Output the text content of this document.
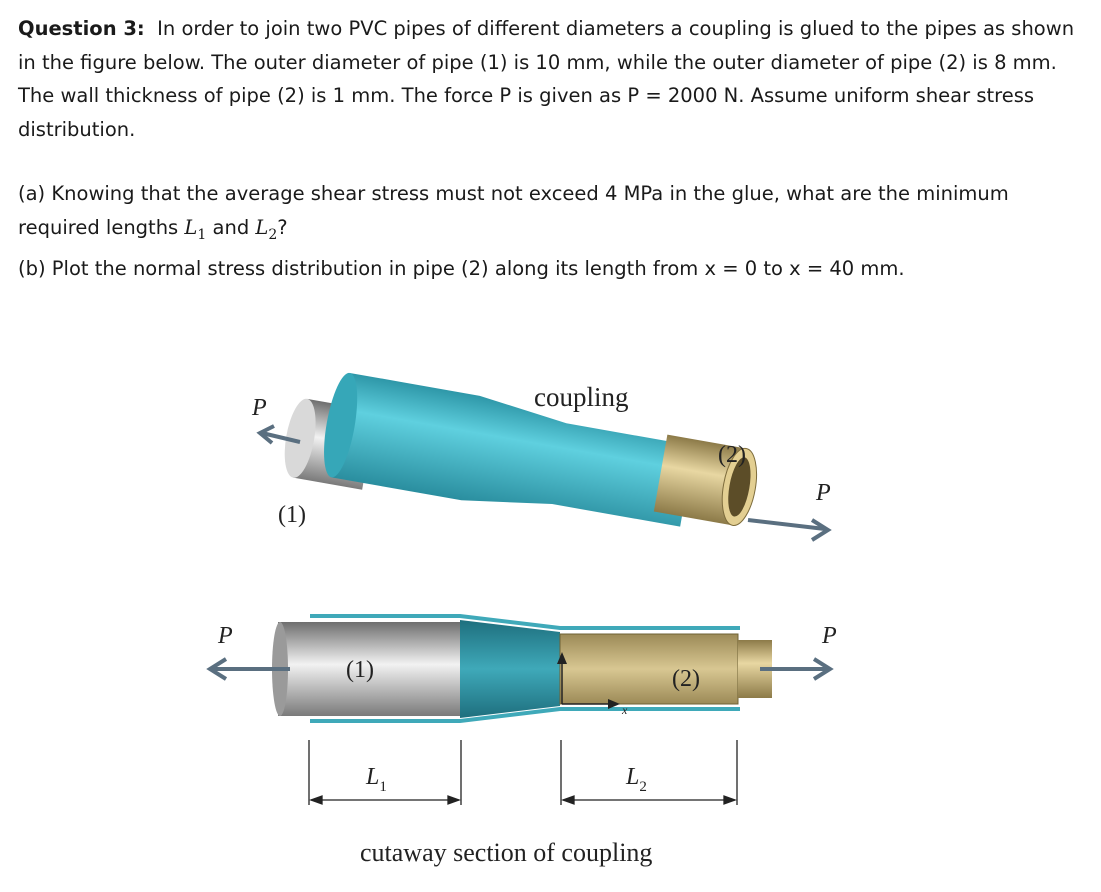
Question 3: In order to join two PVC pipes of different diameters a coupling is glued to the pipes as shown in the figure below. The outer diameter of pipe (1) is 10 mm, while the outer diameter of pipe (2) is 8 mm. The wall thickness of pipe (2) is 1 mm. The force P is given as P = 2000 N. Assume uniform shear stress distribution.

(a) Knowing that the average shear stress must not exceed 4 MPa in the glue, what are the minimum required lengths $L_1$ and $L_2$?

(b) Plot the normal stress distribution in pipe (2) along its length from x = 0 to x = 40 mm.

P	coupling
(2)
P
(1)
x
P	P
(1)	(2)
$L_1$	$L_2$
cutaway section of coupling
